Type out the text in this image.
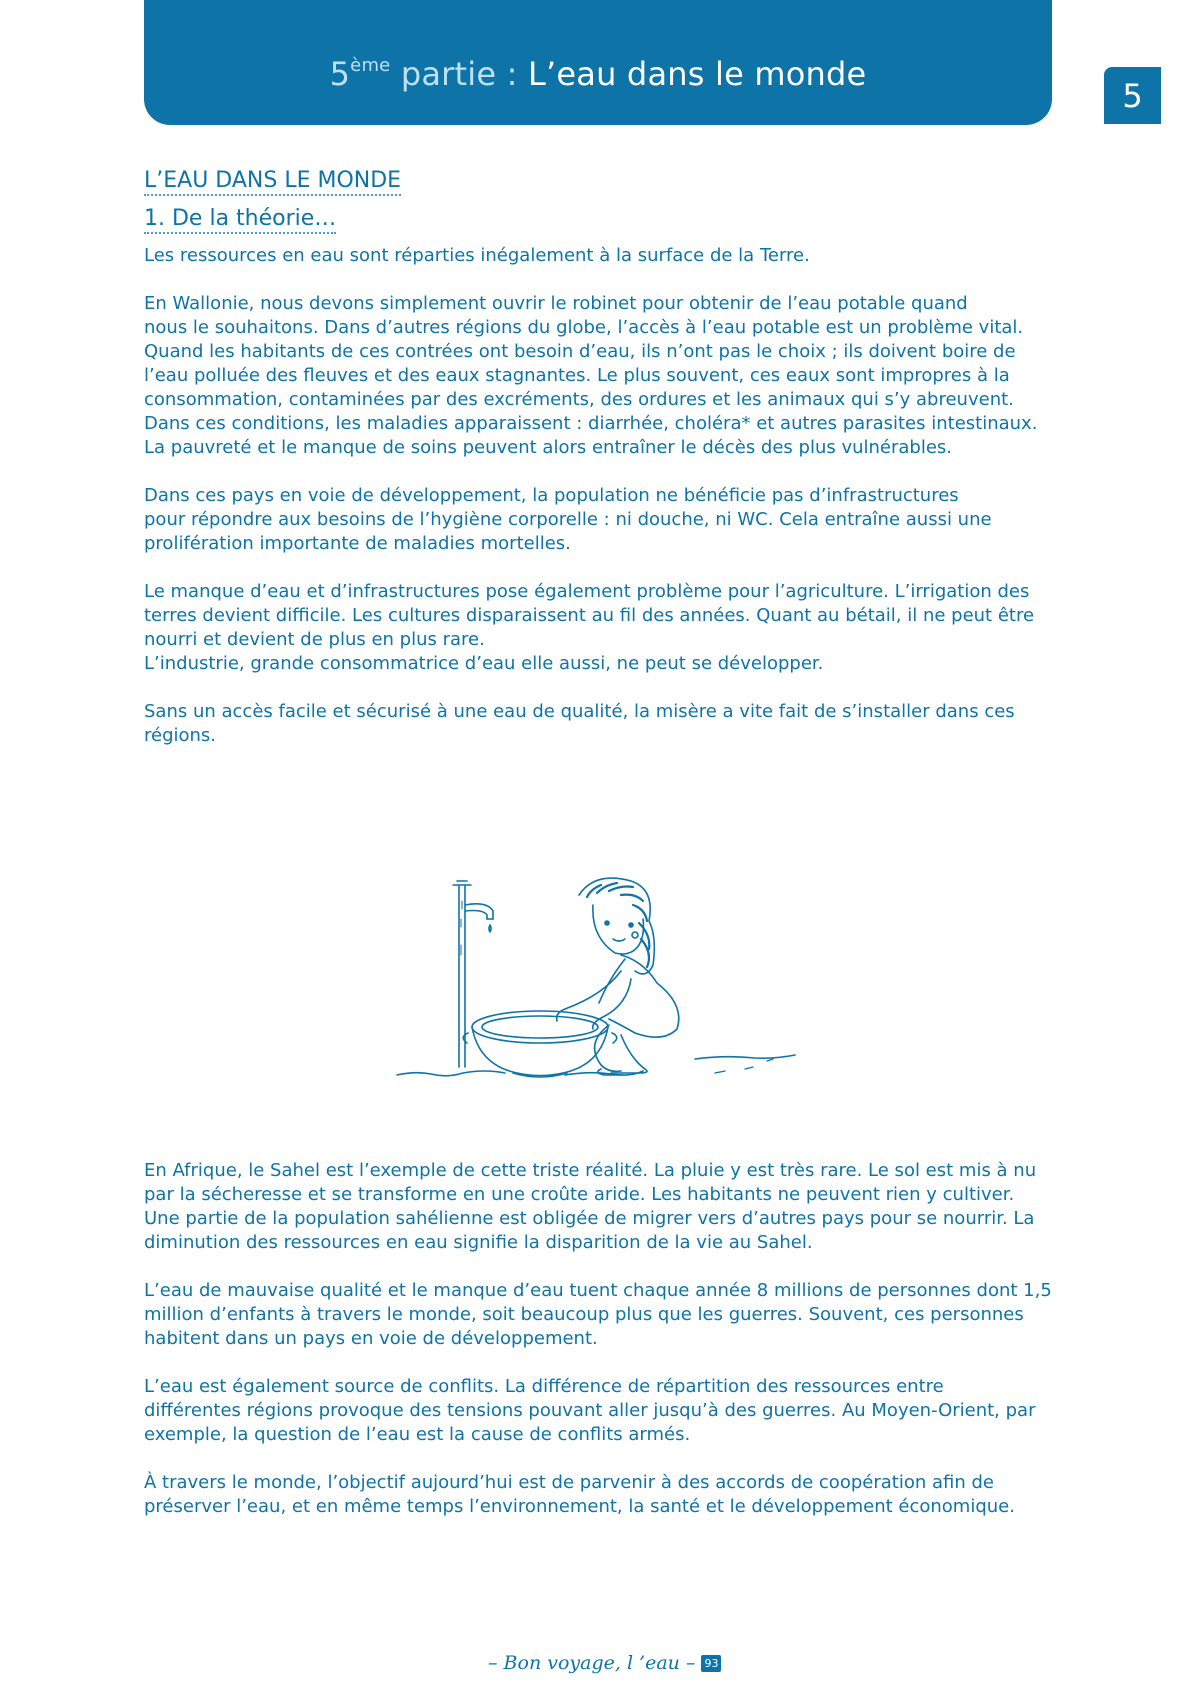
5ème partie : L’eau dans le monde
5
L’EAU DANS LE MONDE
1. De la théorie…

Les ressources en eau sont réparties inégalement à la surface de la Terre.

En Wallonie, nous devons simplement ouvrir le robinet pour obtenir de l’eau potable quand

nous le souhaitons. Dans d’autres régions du globe, l’accès à l’eau potable est un problème vital.

Quand les habitants de ces contrées ont besoin d’eau, ils n’ont pas le choix ; ils doivent boire de

l’eau polluée des fleuves et des eaux stagnantes. Le plus souvent, ces eaux sont impropres à la

consommation, contaminées par des excréments, des ordures et les animaux qui s’y abreuvent.

Dans ces conditions, les maladies apparaissent : diarrhée, choléra* et autres parasites intestinaux.

La pauvreté et le manque de soins peuvent alors entraîner le décès des plus vulnérables.

Dans ces pays en voie de développement, la population ne bénéficie pas d’infrastructures

pour répondre aux besoins de l’hygiène corporelle : ni douche, ni WC. Cela entraîne aussi une

prolifération importante de maladies mortelles.

Le manque d’eau et d’infrastructures pose également problème pour l’agriculture. L’irrigation des

terres devient difficile. Les cultures disparaissent au fil des années. Quant au bétail, il ne peut être

nourri et devient de plus en plus rare.

L’industrie, grande consommatrice d’eau elle aussi, ne peut se développer.

Sans un accès facile et sécurisé à une eau de qualité, la misère a vite fait de s’installer dans ces

régions.

En Afrique, le Sahel est l’exemple de cette triste réalité. La pluie y est très rare. Le sol est mis à nu

par la sécheresse et se transforme en une croûte aride. Les habitants ne peuvent rien y cultiver.

Une partie de la population sahélienne est obligée de migrer vers d’autres pays pour se nourrir. La

diminution des ressources en eau signifie la disparition de la vie au Sahel.

L’eau de mauvaise qualité et le manque d’eau tuent chaque année 8 millions de personnes dont 1,5

million d’enfants à travers le monde, soit beaucoup plus que les guerres. Souvent, ces personnes

habitent dans un pays en voie de développement.

L’eau est également source de conflits. La différence de répartition des ressources entre

différentes régions provoque des tensions pouvant aller jusqu’à des guerres. Au Moyen-Orient, par

exemple, la question de l’eau est la cause de conflits armés.

À travers le monde, l’objectif aujourd’hui est de parvenir à des accords de coopération afin de

préserver l’eau, et en même temps l’environnement, la santé et le développement économique.

– Bon voyage, l ’eau – 93
